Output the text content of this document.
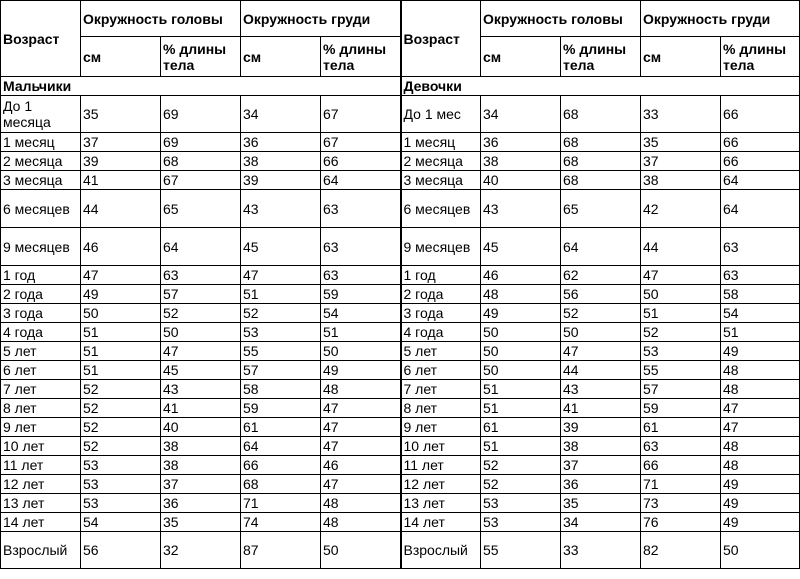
Возраст	Окружность головы		Окружность груди		Возраст	Окружность головы		Окружность груди	
	см	% длины тела	см	% длины тела		см	% длины тела	см	% длины тела
Мальчики					Девочки				
До 1 месяца	35	69	34	67	До 1 мес	34	68	33	66
1 месяц	37	69	36	67	1 месяц	36	68	35	66
2 месяца	39	68	38	66	2 месяца	38	68	37	66
3 месяца	41	67	39	64	3 месяца	40	68	38	64
6 месяцев	44	65	43	63	6 месяцев	43	65	42	64
9 месяцев	46	64	45	63	9 месяцев	45	64	44	63
1 год	47	63	47	63	1 год	46	62	47	63
2 года	49	57	51	59	2 года	48	56	50	58
3 года	50	52	52	54	3 года	49	52	51	54
4 года	51	50	53	51	4 года	50	50	52	51
5 лет	51	47	55	50	5 лет	50	47	53	49
6 лет	51	45	57	49	6 лет	50	44	55	48
7 лет	52	43	58	48	7 лет	51	43	57	48
8 лет	52	41	59	47	8 лет	51	41	59	47
9 лет	52	40	61	47	9 лет	61	39	61	47
10 лет	52	38	64	47	10 лет	51	38	63	48
11 лет	53	38	66	46	11 лет	52	37	66	48
12 лет	53	37	68	47	12 лет	52	36	71	49
13 лет	53	36	71	48	13 лет	53	35	73	49
14 лет	54	35	74	48	14 лет	53	34	76	49
Взрослый	56	32	87	50	Взрослый	55	33	82	50
